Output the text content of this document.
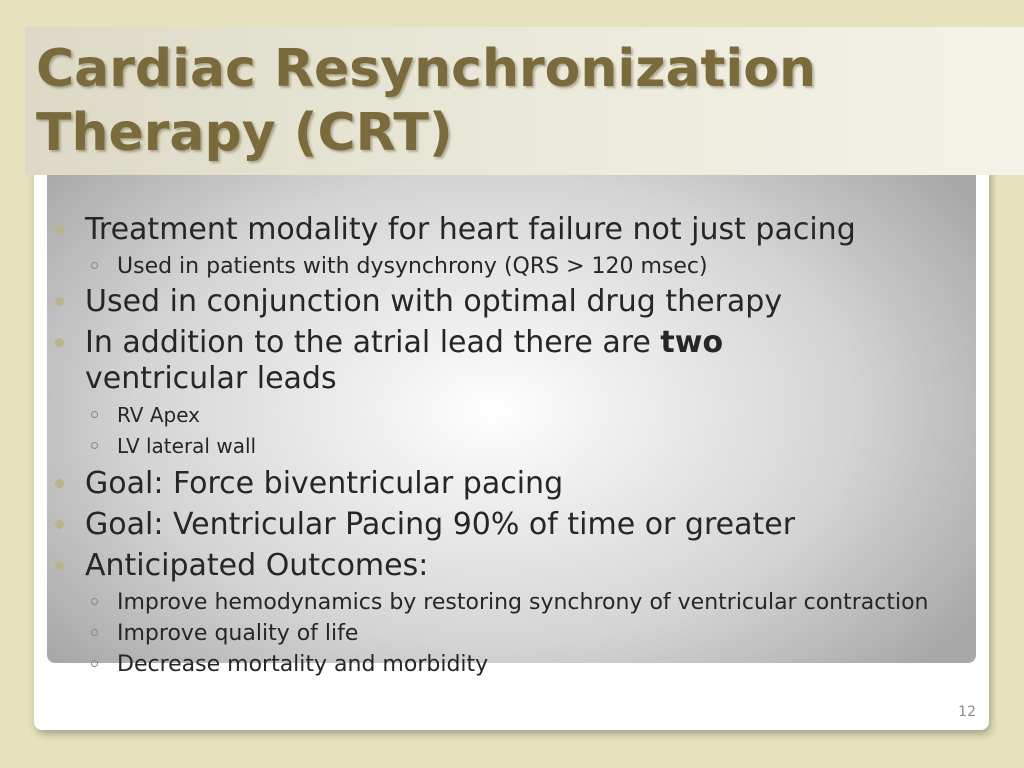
Cardiac Resynchronization
Therapy (CRT)
Treatment modality for heart failure not just pacing
Used in patients with dysynchrony (QRS > 120 msec)
Used in conjunction with optimal drug therapy
In addition to the atrial lead there are two
ventricular leads
RV Apex
LV lateral wall
Goal: Force biventricular pacing
Goal: Ventricular Pacing 90% of time or greater
Anticipated Outcomes:
Improve hemodynamics by restoring synchrony of ventricular contraction
Improve quality of life
Decrease mortality and morbidity
12
